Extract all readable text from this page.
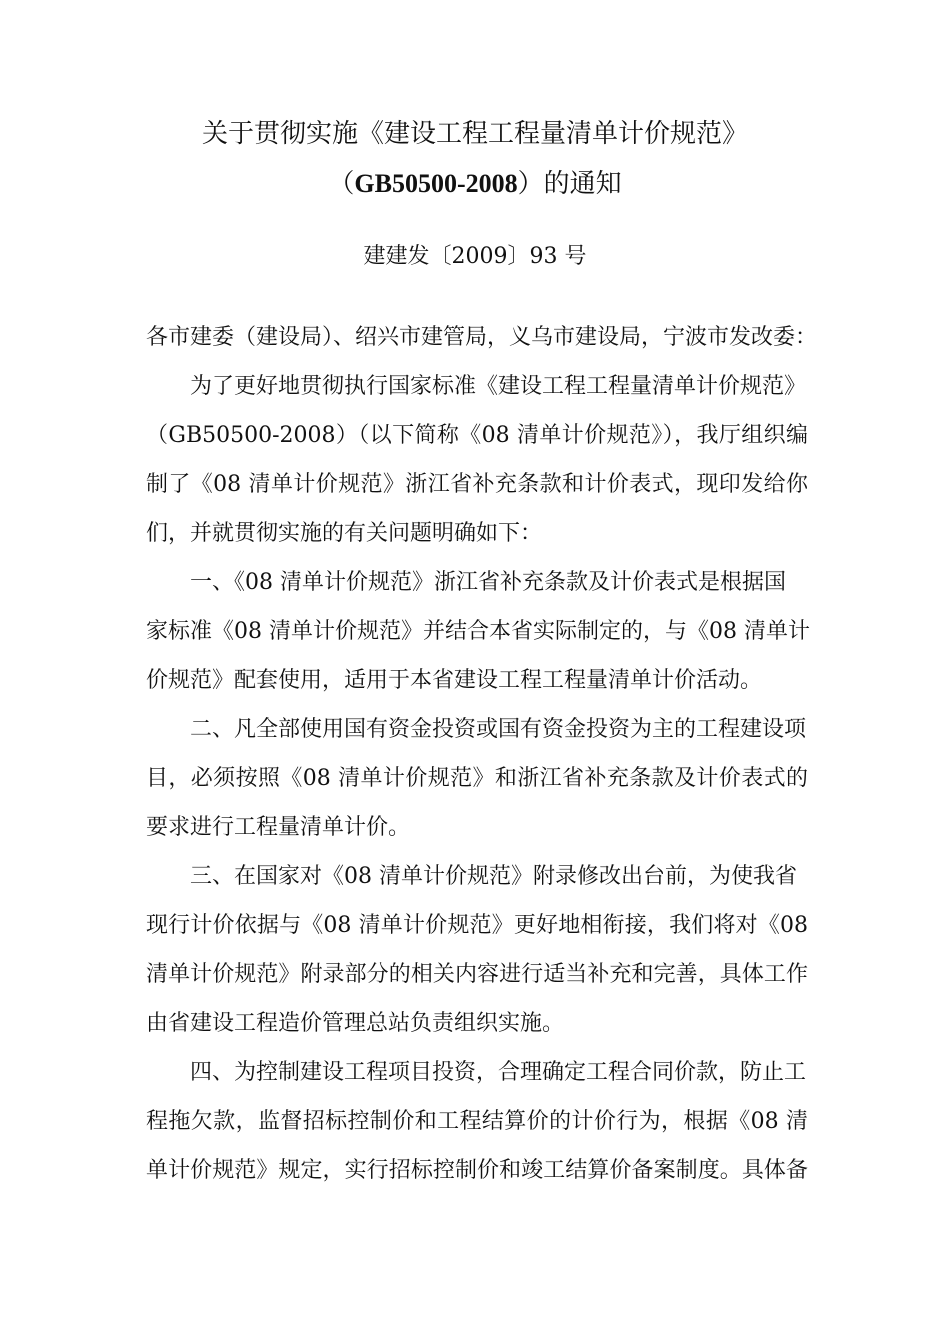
关于贯彻实施《建设工程工程量清单计价规范》
（GB50500-2008）的通知
建建发〔2009〕93 号
各市建委（建设局）、绍兴市建管局，义乌市建设局，宁波市发改委：
为了更好地贯彻执行国家标准《建设工程工程量清单计价规范》
（GB50500-2008）（以下简称《08 清单计价规范》），我厅组织编
制了《08 清单计价规范》浙江省补充条款和计价表式，现印发给你
们，并就贯彻实施的有关问题明确如下：
一、《08 清单计价规范》浙江省补充条款及计价表式是根据国
家标准《08 清单计价规范》并结合本省实际制定的，与《08 清单计
价规范》配套使用，适用于本省建设工程工程量清单计价活动。
二、凡全部使用国有资金投资或国有资金投资为主的工程建设项
目，必须按照《08 清单计价规范》和浙江省补充条款及计价表式的
要求进行工程量清单计价。
三、在国家对《08 清单计价规范》附录修改出台前，为使我省
现行计价依据与《08 清单计价规范》更好地相衔接，我们将对《08
清单计价规范》附录部分的相关内容进行适当补充和完善，具体工作
由省建设工程造价管理总站负责组织实施。
四、为控制建设工程项目投资，合理确定工程合同价款，防止工
程拖欠款，监督招标控制价和工程结算价的计价行为，根据《08 清
单计价规范》规定，实行招标控制价和竣工结算价备案制度。具体备
